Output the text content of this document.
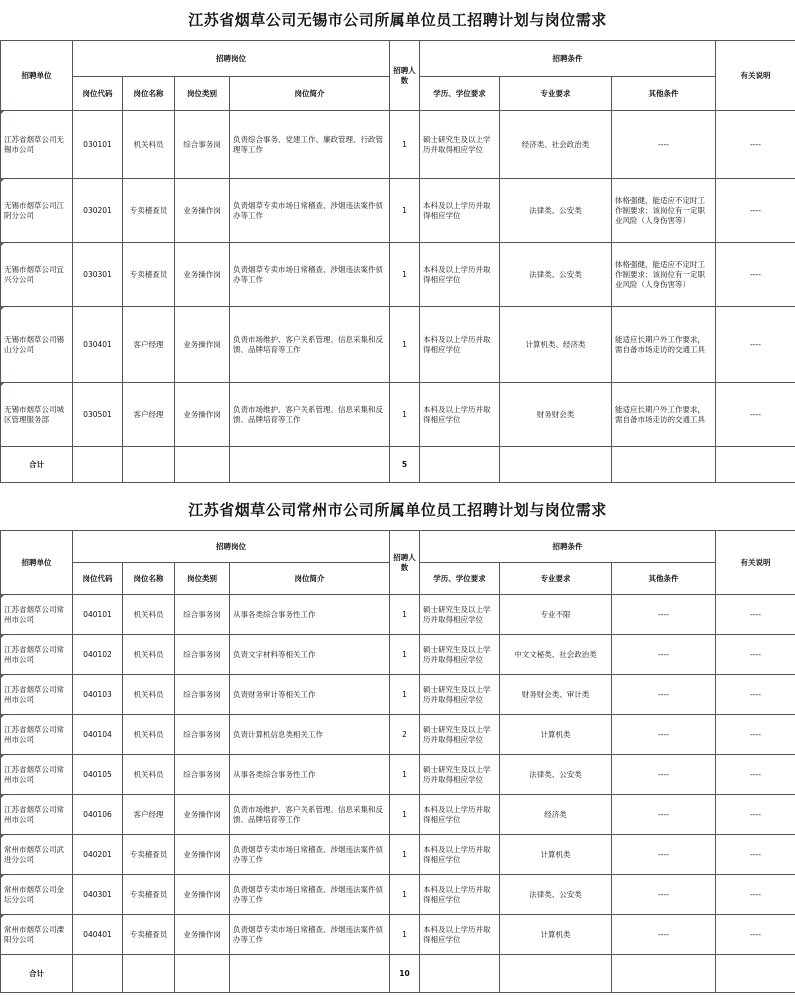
江苏省烟草公司无锡市公司所属单位员工招聘计划与岗位需求
招聘单位	招聘岗位				招聘人数	招聘条件			有关说明
	岗位代码	岗位名称	岗位类别	岗位简介		学历、学位要求	专业要求	其他条件	
江苏省烟草公司无锡市公司	030101	机关科员	综合事务岗	负责综合事务、党建工作、廉政管理、行政管理等工作	1	硕士研究生及以上学历并取得相应学位	经济类、社会政治类	----	----
无锡市烟草公司江阴分公司	030201	专卖稽查员	业务操作岗	负责烟草专卖市场日常稽查、涉烟违法案件侦办等工作	1	本科及以上学历并取得相应学位	法律类、公安类	体格强健，能适应不定时工作制要求；该岗位有一定职业风险（人身伤害等）	----
无锡市烟草公司宜兴分公司	030301	专卖稽查员	业务操作岗	负责烟草专卖市场日常稽查、涉烟违法案件侦办等工作	1	本科及以上学历并取得相应学位	法律类、公安类	体格强健，能适应不定时工作制要求；该岗位有一定职业风险（人身伤害等）	----
无锡市烟草公司锡山分公司	030401	客户经理	业务操作岗	负责市场维护、客户关系管理、信息采集和反馈、品牌培育等工作	1	本科及以上学历并取得相应学位	计算机类、经济类	能适应长期户外工作要求，需自备市场走访的交通工具	----
无锡市烟草公司城区管理服务部	030501	客户经理	业务操作岗	负责市场维护、客户关系管理、信息采集和反馈、品牌培育等工作	1	本科及以上学历并取得相应学位	财务财会类	能适应长期户外工作要求，需自备市场走访的交通工具	----
合计					5				
江苏省烟草公司常州市公司所属单位员工招聘计划与岗位需求
招聘单位	招聘岗位				招聘人数	招聘条件			有关说明
	岗位代码	岗位名称	岗位类别	岗位简介		学历、学位要求	专业要求	其他条件	
江苏省烟草公司常州市公司	040101	机关科员	综合事务岗	从事各类综合事务性工作	1	硕士研究生及以上学历并取得相应学位	专业不限	----	----
江苏省烟草公司常州市公司	040102	机关科员	综合事务岗	负责文字材料等相关工作	1	硕士研究生及以上学历并取得相应学位	中文文秘类、社会政治类	----	----
江苏省烟草公司常州市公司	040103	机关科员	综合事务岗	负责财务审计等相关工作	1	硕士研究生及以上学历并取得相应学位	财务财会类、审计类	----	----
江苏省烟草公司常州市公司	040104	机关科员	综合事务岗	负责计算机信息类相关工作	2	硕士研究生及以上学历并取得相应学位	计算机类	----	----
江苏省烟草公司常州市公司	040105	机关科员	综合事务岗	从事各类综合事务性工作	1	硕士研究生及以上学历并取得相应学位	法律类、公安类	----	----
江苏省烟草公司常州市公司	040106	客户经理	业务操作岗	负责市场维护、客户关系管理、信息采集和反馈、品牌培育等工作	1	本科及以上学历并取得相应学位	经济类	----	----
常州市烟草公司武进分公司	040201	专卖稽查员	业务操作岗	负责烟草专卖市场日常稽查、涉烟违法案件侦办等工作	1	本科及以上学历并取得相应学位	计算机类	----	----
常州市烟草公司金坛分公司	040301	专卖稽查员	业务操作岗	负责烟草专卖市场日常稽查、涉烟违法案件侦办等工作	1	本科及以上学历并取得相应学位	法律类、公安类	----	----
常州市烟草公司溧阳分公司	040401	专卖稽查员	业务操作岗	负责烟草专卖市场日常稽查、涉烟违法案件侦办等工作	1	本科及以上学历并取得相应学位	计算机类	----	----
合计					10				
